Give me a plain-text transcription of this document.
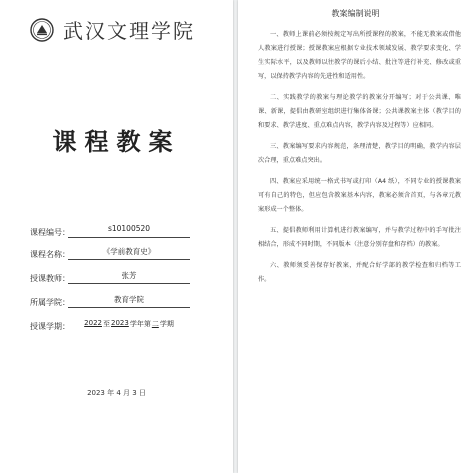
武汉文理学院
课程教案
课程编号：	s10100520
课程名称：	《学前教育史》
授课教师：	张芳
所属学院：	教育学院
授课学期： 2022 至 2023 学年第 二 学期
2023 年 4 月 3 日
教案编制说明

一、教师上课前必须按规定写出所授课程的教案，不能无教案或借他人教案进行授课；授课教案应根据专业技术领域发展、教学要求变化、学生实际水平，以及教师以往教学的课后小结、批注等进行补充、修改或重写，以保持教学内容的先进性和适用性。

二、实践教学的教案与理论教学的教案分开编写；对于公共课、唯课、新课，提倡由教研室组织进行集体备课；公共课教案主体（教学目的和要求、教学进度、重点难点内容，教学内容及过程等）应相同。

三、教案编写要求内容规范，条理清楚，教学目的明确，教学内容层次合理，重点难点突出。

四、教案应采用统一格式书写或打印（A4 纸），不同专业的授课教案可有自己的特色，但应包含教案基本内容，教案必须含首页，与各章元教案形成一个整体。

五、提倡教师利用计算机进行教案编写，并与教学过程中的手写批注相结合，形成不同时期，不同版本（注意分别存盘和存档）的教案。

六、教师须妥善保存好教案，并配合好学部的教学检查和归档等工作。
